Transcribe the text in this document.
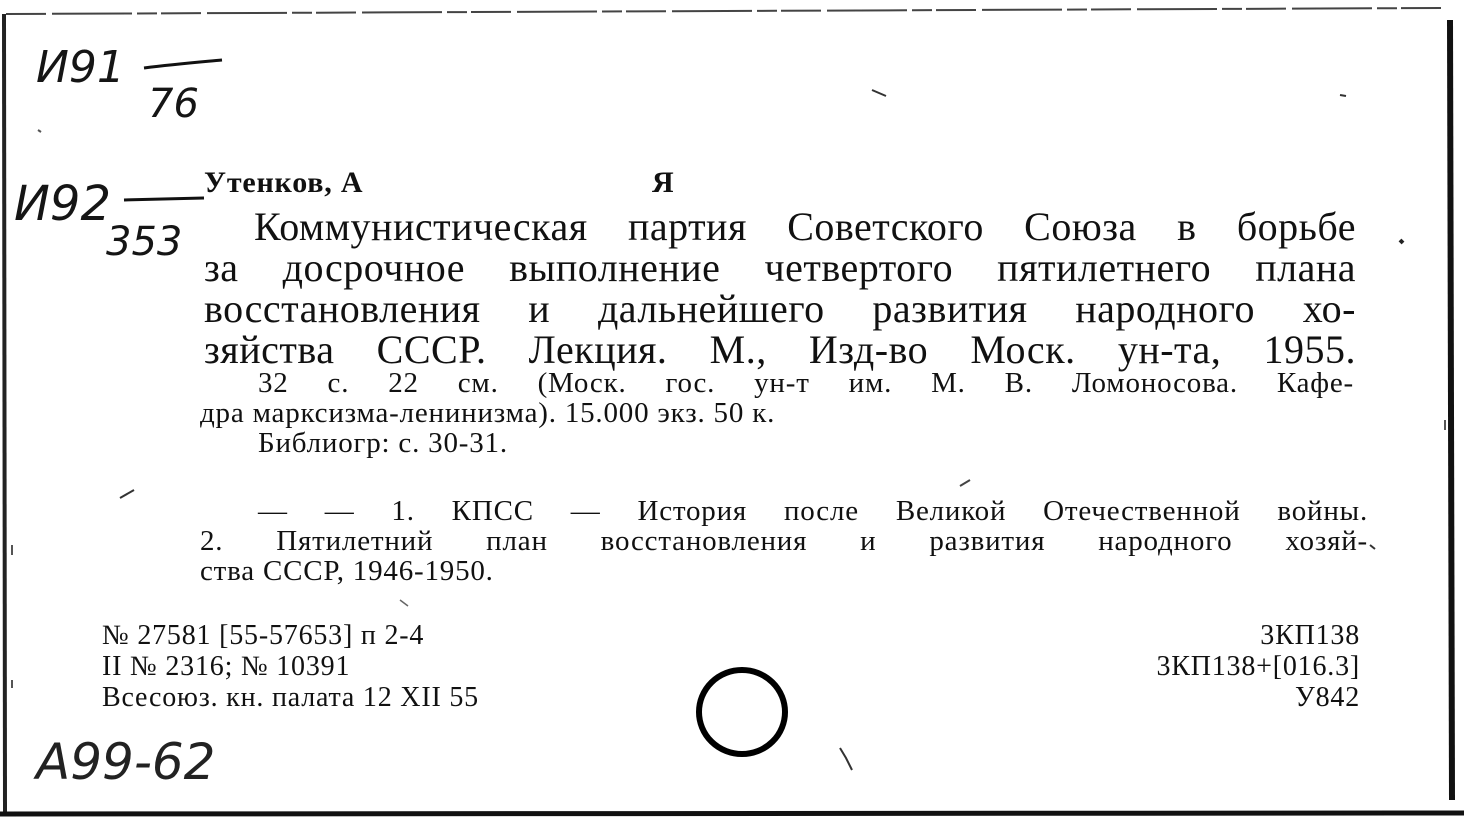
И91
76
И92
353
Утенков, А	Я
Коммунистическая партия Советского Союза в борьбе
за досрочное выполнение четвертого пятилетнего плана
восстановления и дальнейшего развития народного хо-
зяйства СССР. Лекция. М., Изд-во Моск. ун-та, 1955.
32 с. 22 см. (Моск. гос. ун-т им. М. В. Ломоносова. Кафе-
дра марксизма-ленинизма). 15.000 экз. 50 к.
Библиогр: с. 30-31.
— — 1. КПСС — История после Великой Отечественной войны.
2. Пятилетний план восстановления и развития народного хозяй-
ства СССР, 1946-1950.
№ 27581 [55-57653] п 2-4
II № 2316; № 10391
Всесоюз. кн. палата 12 XII 55
3КП138
3КП138+[016.3]
У842
А99-62
